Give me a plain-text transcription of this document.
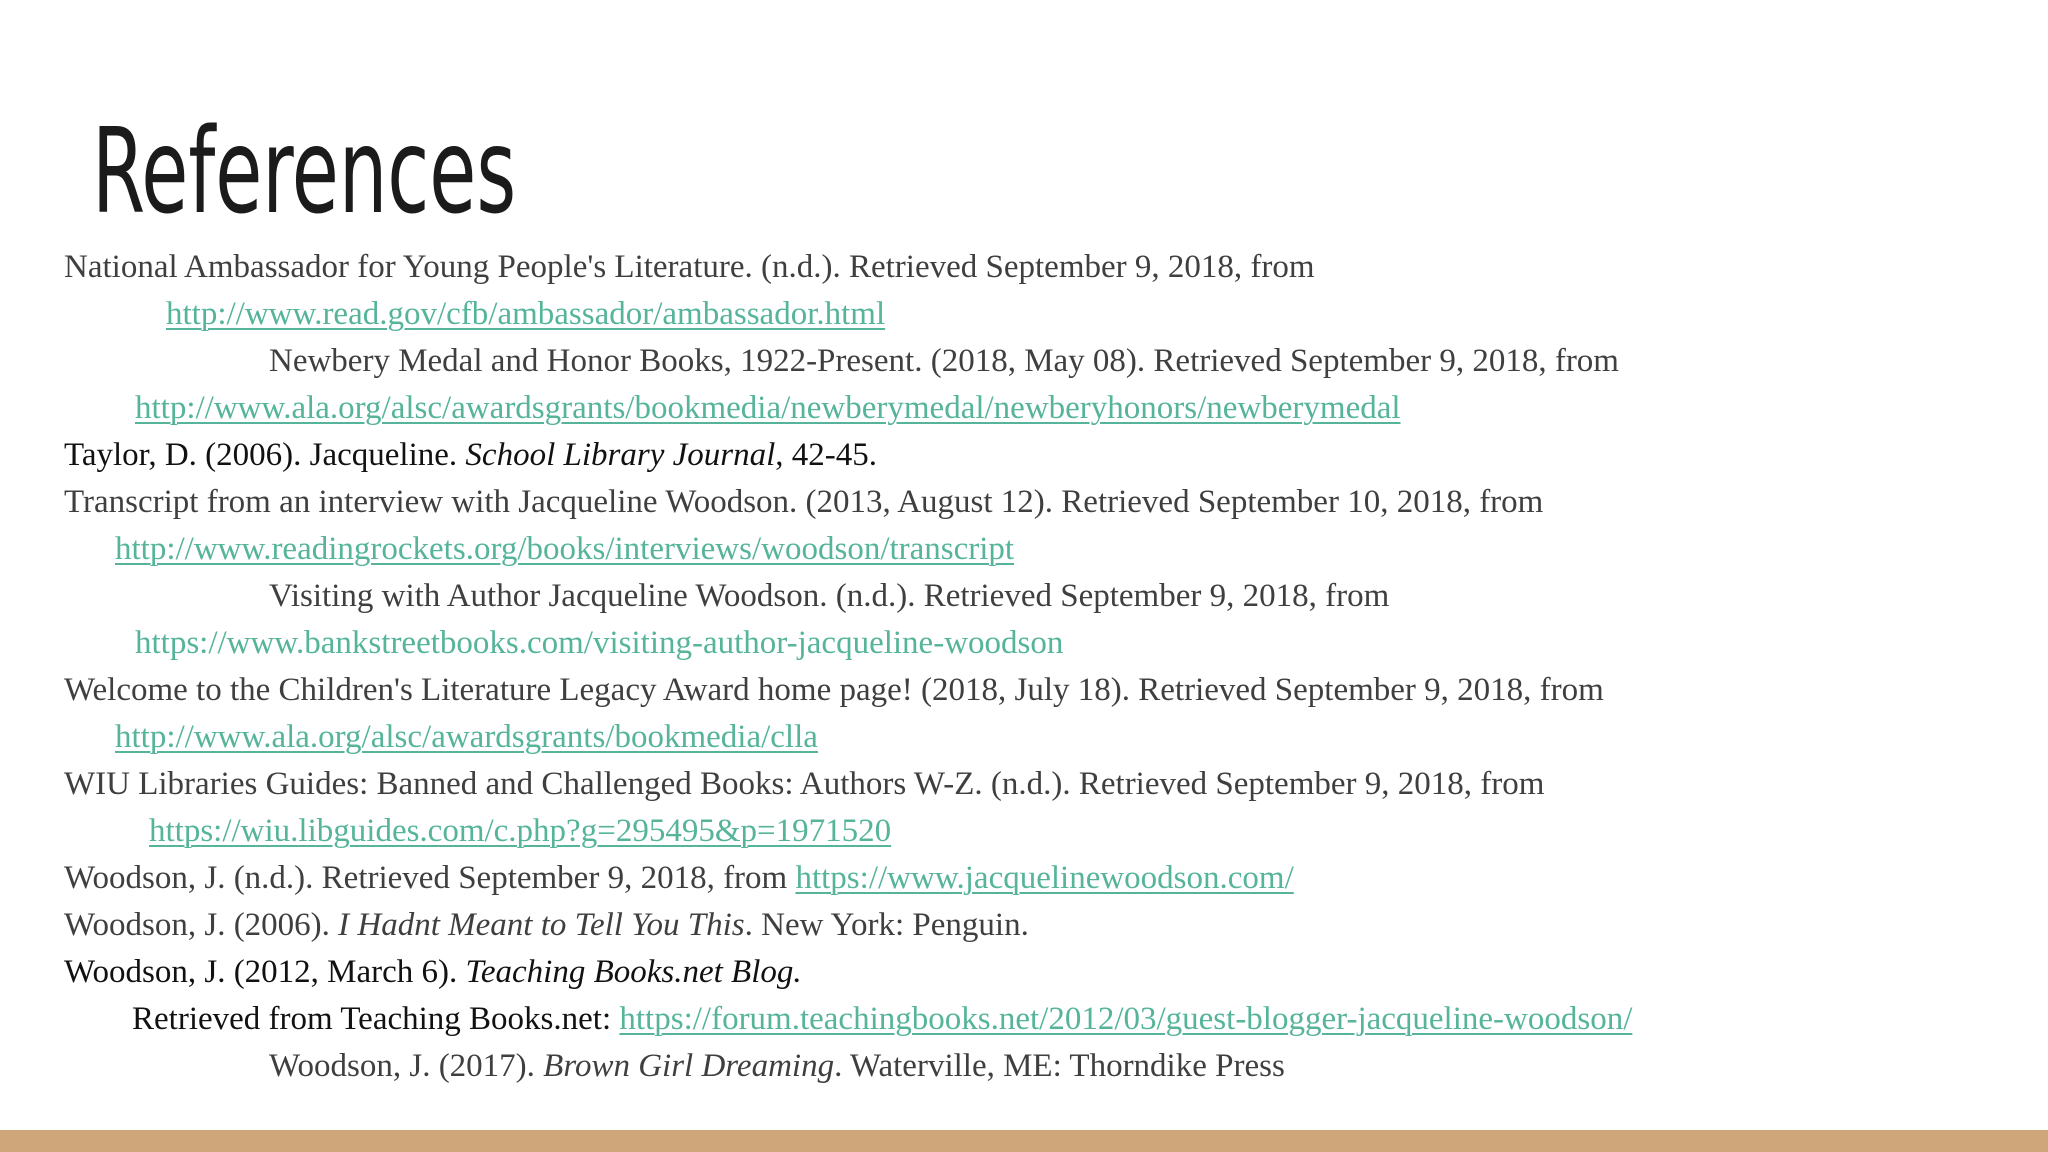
References
National Ambassador for Young People's Literature. (n.d.). Retrieved September 9, 2018, from
http://www.read.gov/cfb/ambassador/ambassador.html
Newbery Medal and Honor Books, 1922-Present. (2018, May 08). Retrieved September 9, 2018, from
http://www.ala.org/alsc/awardsgrants/bookmedia/newberymedal/newberyhonors/newberymedal
Taylor, D. (2006). Jacqueline. School Library Journal, 42-45.
Transcript from an interview with Jacqueline Woodson. (2013, August 12). Retrieved September 10, 2018, from
http://www.readingrockets.org/books/interviews/woodson/transcript
Visiting with Author Jacqueline Woodson. (n.d.). Retrieved September 9, 2018, from
https://www.bankstreetbooks.com/visiting-author-jacqueline-woodson
Welcome to the Children's Literature Legacy Award home page! (2018, July 18). Retrieved September 9, 2018, from
http://www.ala.org/alsc/awardsgrants/bookmedia/clla
WIU Libraries Guides: Banned and Challenged Books: Authors W-Z. (n.d.). Retrieved September 9, 2018, from
https://wiu.libguides.com/c.php?g=295495&p=1971520
Woodson, J. (n.d.). Retrieved September 9, 2018, from https://www.jacquelinewoodson.com/
Woodson, J. (2006). I Hadnt Meant to Tell You This. New York: Penguin.
Woodson, J. (2012, March 6). Teaching Books.net Blog.
Retrieved from Teaching Books.net: https://forum.teachingbooks.net/2012/03/guest-blogger-jacqueline-woodson/
Woodson, J. (2017). Brown Girl Dreaming. Waterville, ME: Thorndike Press
